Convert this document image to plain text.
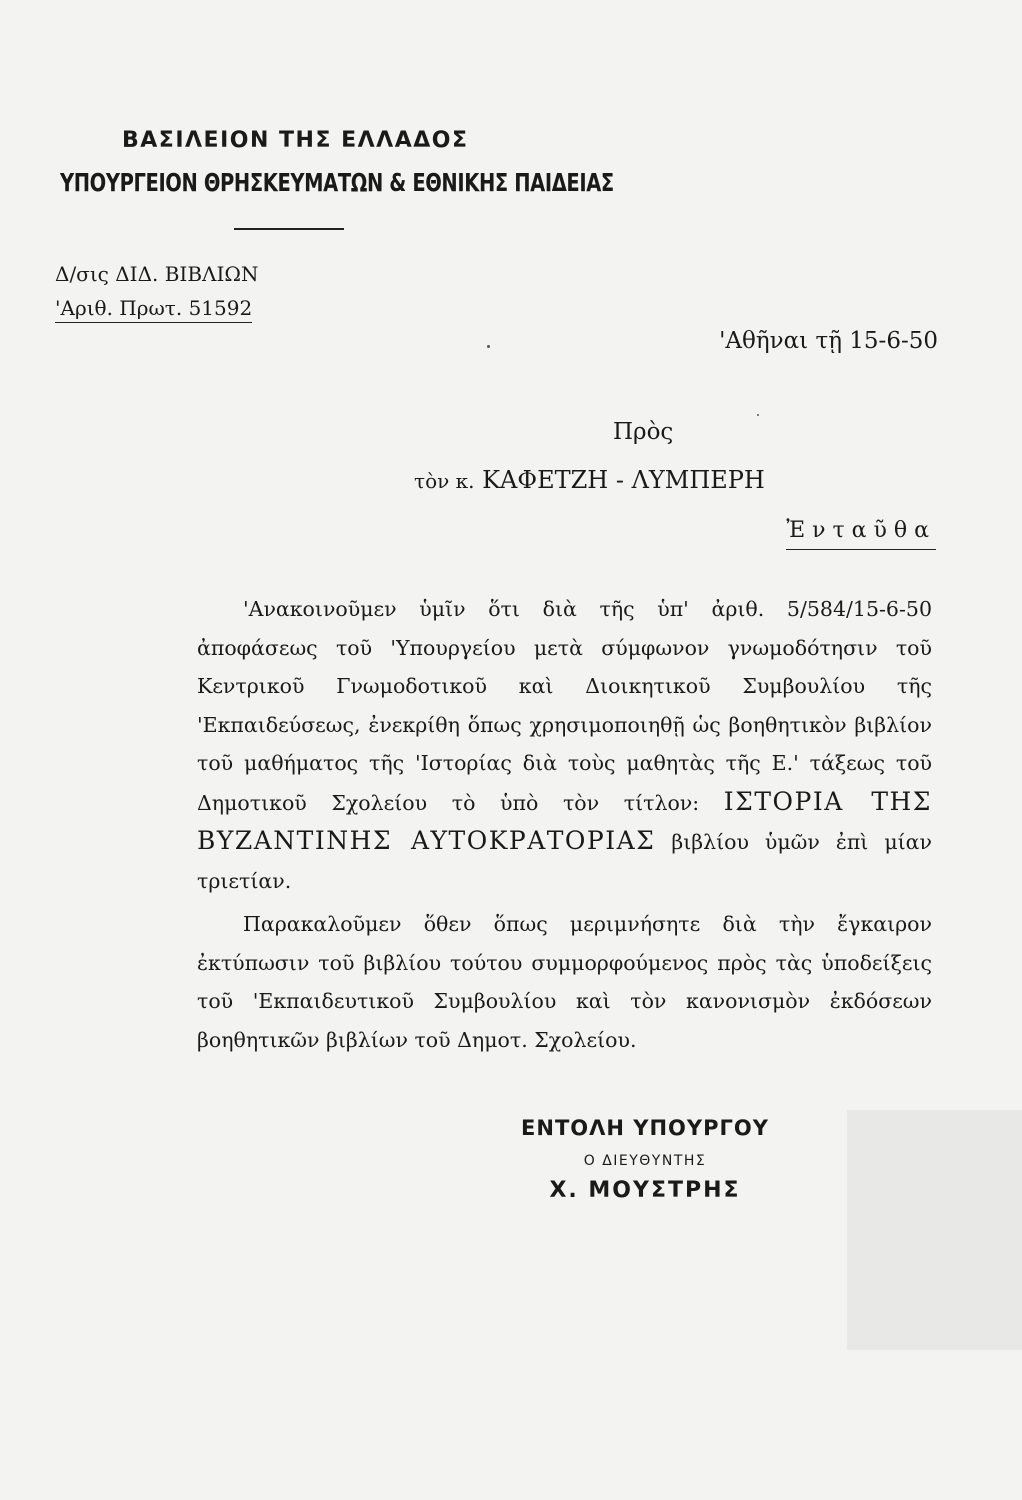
ΒΑΣΙΛΕΙΟΝ ΤΗΣ ΕΛΛΑΔΟΣ
ΥΠΟΥΡΓΕΙΟΝ ΘΡΗΣΚΕΥΜΑΤΩΝ & ΕΘΝΙΚΗΣ ΠΑΙΔΕΙΑΣ
Δ/σις ΔΙΔ. ΒΙΒΛΙΩΝ
'Αριθ. Πρωτ. 51592
'Αθῆναι τῇ 15-6-50
Πρὸς
τὸν κ. ΚΑΦΕΤΖΗ - ΛΥΜΠΕΡΗ
Ἐνταῦθα
'Ανακοινοῦμεν ὑμῖν ὅτι διὰ τῆς ὑπ' ἀριθ. 5/584/15-6-50 ἀποφάσεως τοῦ 'Υπουργείου μετὰ σύμφωνον γνωμοδότησιν τοῦ Κεντρικοῦ Γνωμοδοτικοῦ καὶ Διοικητικοῦ Συμβουλίου τῆς 'Εκπαιδεύσεως, ἐνεκρίθη ὅπως χρησιμοποιηθῇ ὡς βοηθητικὸν βιβλίον τοῦ μαθήματος τῆς 'Ιστορίας διὰ τοὺς μαθητὰς τῆς Ε.' τάξεως τοῦ Δημοτικοῦ Σχολείου τὸ ὑπὸ τὸν τίτλον: ΙΣΤΟΡΙΑ ΤΗΣ ΒΥΖΑΝΤΙΝΗΣ ΑΥΤΟΚΡΑΤΟΡΙΑΣ βιβλίου ὑμῶν ἐπὶ μίαν τριετίαν.
Παρακαλοῦμεν ὅθεν ὅπως μεριμνήσητε διὰ τὴν ἔγκαιρον ἐκτύπωσιν τοῦ βιβλίου τούτου συμμορφούμενος πρὸς τὰς ὑποδείξεις τοῦ 'Εκπαιδευτικοῦ Συμβουλίου καὶ τὸν κανονισμὸν ἐκδόσεων βοηθητικῶν βιβλίων τοῦ Δημοτ. Σχολείου.
ΕΝΤΟΛΗ ΥΠΟΥΡΓΟΥ
Ο ΔΙΕΥΘΥΝΤΗΣ
Χ. ΜΟΥΣΤΡΗΣ
